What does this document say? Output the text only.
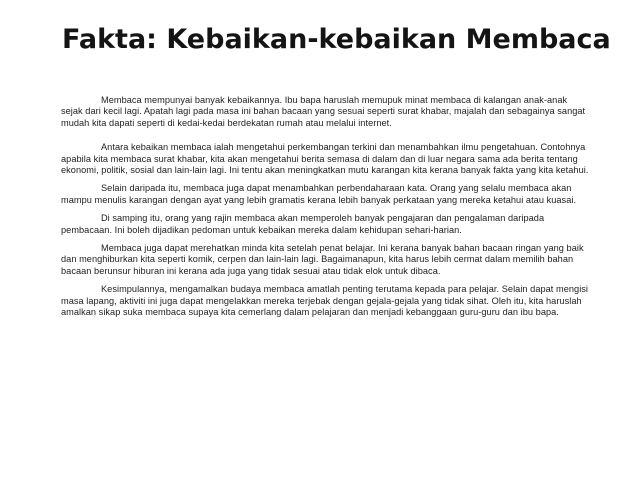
Fakta: Kebaikan-kebaikan Membaca

Membaca mempunyai banyak kebaikannya. Ibu bapa haruslah memupuk minat membaca di kalangan anak-anak sejak dari kecil lagi. Apatah lagi pada masa ini bahan bacaan yang sesuai seperti surat khabar, majalah dan sebagainya sangat mudah kita dapati seperti di kedai-kedai berdekatan rumah atau melalui internet.

Antara kebaikan membaca ialah mengetahui perkembangan terkini dan menambahkan ilmu pengetahuan. Contohnya apabila kita membaca surat khabar, kita akan mengetahui berita semasa di dalam dan di luar negara sama ada berita tentang ekonomi, politik, sosial dan lain-lain lagi. Ini tentu akan meningkatkan mutu karangan kita kerana banyak fakta yang kita ketahui.

Selain daripada itu, membaca juga dapat menambahkan perbendaharaan kata. Orang yang selalu membaca akan mampu menulis karangan dengan ayat yang lebih gramatis kerana lebih banyak perkataan yang mereka ketahui atau kuasai.

Di samping itu, orang yang rajin membaca akan memperoleh banyak pengajaran dan pengalaman daripada pembacaan. Ini boleh dijadikan pedoman untuk kebaikan mereka dalam kehidupan sehari-harian.

Membaca juga dapat merehatkan minda kita setelah penat belajar. Ini kerana banyak bahan bacaan ringan yang baik dan menghiburkan kita seperti komik, cerpen dan lain-lain lagi. Bagaimanapun, kita harus lebih cermat dalam memilih bahan bacaan berunsur hiburan ini kerana ada juga yang tidak sesuai atau tidak elok untuk dibaca.

Kesimpulannya, mengamalkan budaya membaca amatlah penting terutama kepada para pelajar. Selain dapat mengisi masa lapang, aktiviti ini juga dapat mengelakkan mereka terjebak dengan gejala-gejala yang tidak sihat. Oleh itu, kita haruslah amalkan sikap suka membaca supaya kita cemerlang dalam pelajaran dan menjadi kebanggaan guru-guru dan ibu bapa.
